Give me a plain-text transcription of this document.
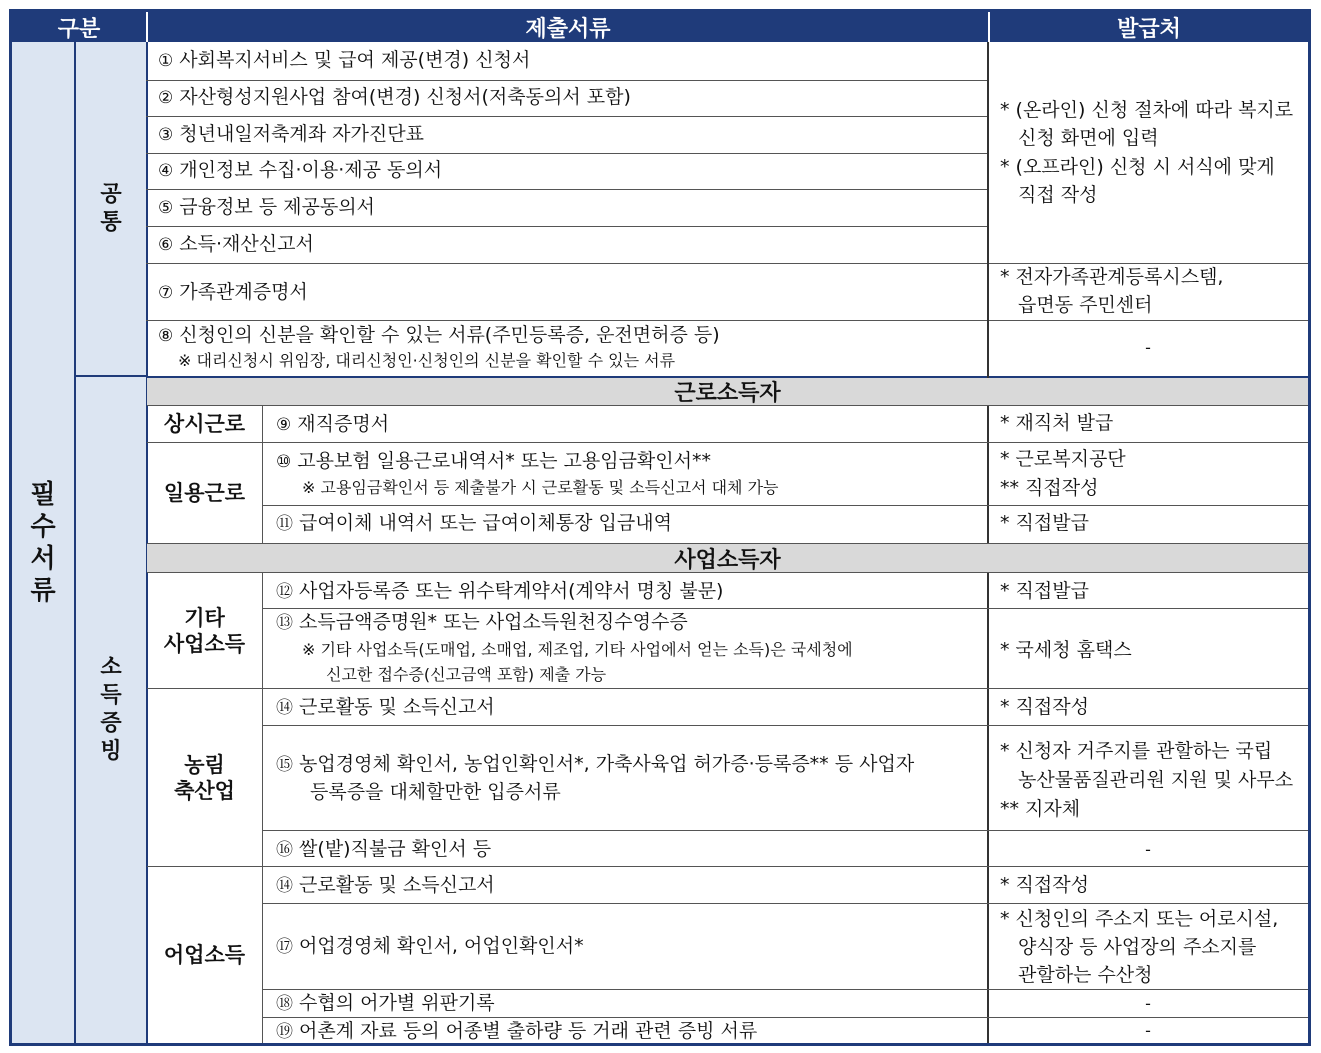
구분	제출서류	발급처
필
수
서
류
공
통
소
득
증
빙
① 사회복지서비스 및 급여 제공(변경) 신청서
② 자산형성지원사업 참여(변경) 신청서(저축동의서 포함)
③ 청년내일저축계좌 자가진단표
④ 개인정보 수집·이용·제공 동의서
⑤ 금융정보 등 제공동의서
⑥ 소득·재산신고서
⑦ 가족관계증명서
⑧ 신청인의 신분을 확인할 수 있는 서류(주민등록증, 운전면허증 등)
※ 대리신청시 위임장, 대리신청인·신청인의 신분을 확인할 수 있는 서류
* (온라인) 신청 절차에 따라 복지로
신청 화면에 입력
* (오프라인) 신청 시 서식에 맞게
직접 작성
* 전자가족관계등록시스템,
읍면동 주민센터
-
근로소득자
상시근로
일용근로
⑨ 재직증명서
⑩ 고용보험 일용근로내역서* 또는 고용임금확인서**
※ 고용임금확인서 등 제출불가 시 근로활동 및 소득신고서 대체 가능
⑪ 급여이체 내역서 또는 급여이체통장 입금내역
* 재직처 발급
* 근로복지공단
** 직접작성
* 직접발급
사업소득자
기타
사업소득
농림
축산업
어업소득
⑫ 사업자등록증 또는 위수탁계약서(계약서 명칭 불문)
⑬ 소득금액증명원* 또는 사업소득원천징수영수증
※ 기타 사업소득(도매업, 소매업, 제조업, 기타 사업에서 얻는 소득)은 국세청에
신고한 접수증(신고금액 포함) 제출 가능
⑭ 근로활동 및 소득신고서
⑮ 농업경영체 확인서, 농업인확인서*, 가축사육업 허가증·등록증** 등 사업자
등록증을 대체할만한 입증서류
⑯ 쌀(밭)직불금 확인서 등
⑭ 근로활동 및 소득신고서
⑰ 어업경영체 확인서, 어업인확인서*
⑱ 수협의 어가별 위판기록
⑲ 어촌계 자료 등의 어종별 출하량 등 거래 관련 증빙 서류
* 직접발급
* 국세청 홈택스
* 직접작성
* 신청자 거주지를 관할하는 국립
농산물품질관리원 지원 및 사무소
** 지자체
-
* 직접작성
* 신청인의 주소지 또는 어로시설,
양식장 등 사업장의 주소지를
관할하는 수산청
-
-
